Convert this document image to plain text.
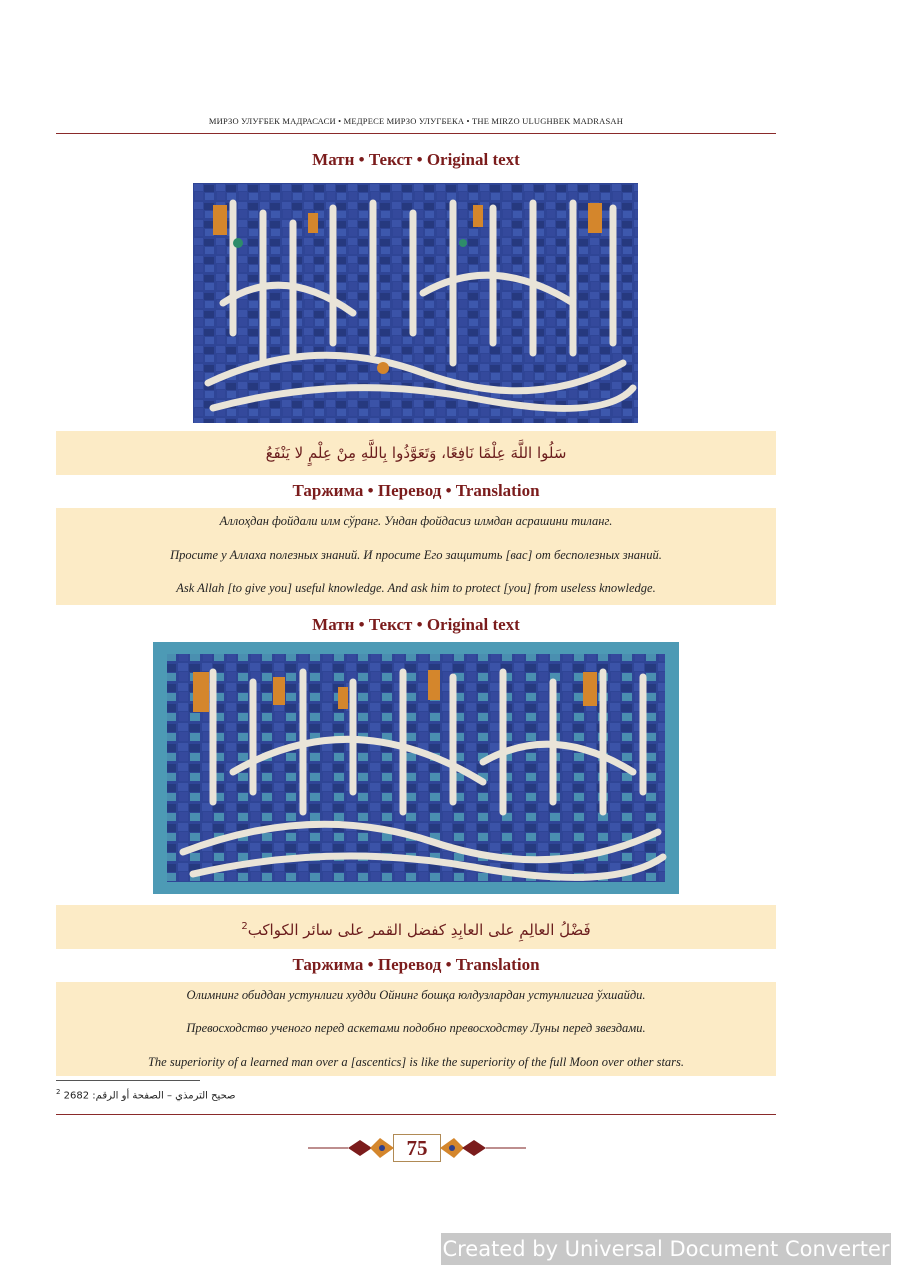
МИРЗО УЛУҒБЕК МАДРАСАСИ • МЕДРЕСЕ МИРЗО УЛУГБЕКА • THE MIRZO ULUGHBEK MADRASAH
Матн • Текст • Original text
سَلُوا اللَّهَ عِلْمًا نَافِعًا، وَتَعَوَّذُوا بِاللَّهِ مِنْ عِلْمٍ لا يَنْفَعُ
Таржима • Перевод • Translation
Аллоҳдан фойдали илм сўранг. Ундан фойдасиз илмдан асрашини тиланг.
Просите у Аллаха полезных знаний. И просите Его защитить [вас] от бесполезных знаний.
Ask Allah [to give you] useful knowledge. And ask him to protect [you] from useless knowledge.
Матн • Текст • Original text
فَضْلُ العالِمِ على العابِدِ كفضل القمر على سائر الكواكب$^2$
Таржима • Перевод • Translation
Олимнинг обиддан устунлиги худди Ойнинг бошқа юлдузлардан устунлигига ўхшайди.
Превосходство ученого перед аскетами подобно превосходству Луны перед звездами.
The superiority of a learned man over a [ascentics] is like the superiority of the full Moon over other stars.
$^2$ صحيح الترمذي – الصفحة أو الرقم: 2682
75
Created by Universal Document Converter
